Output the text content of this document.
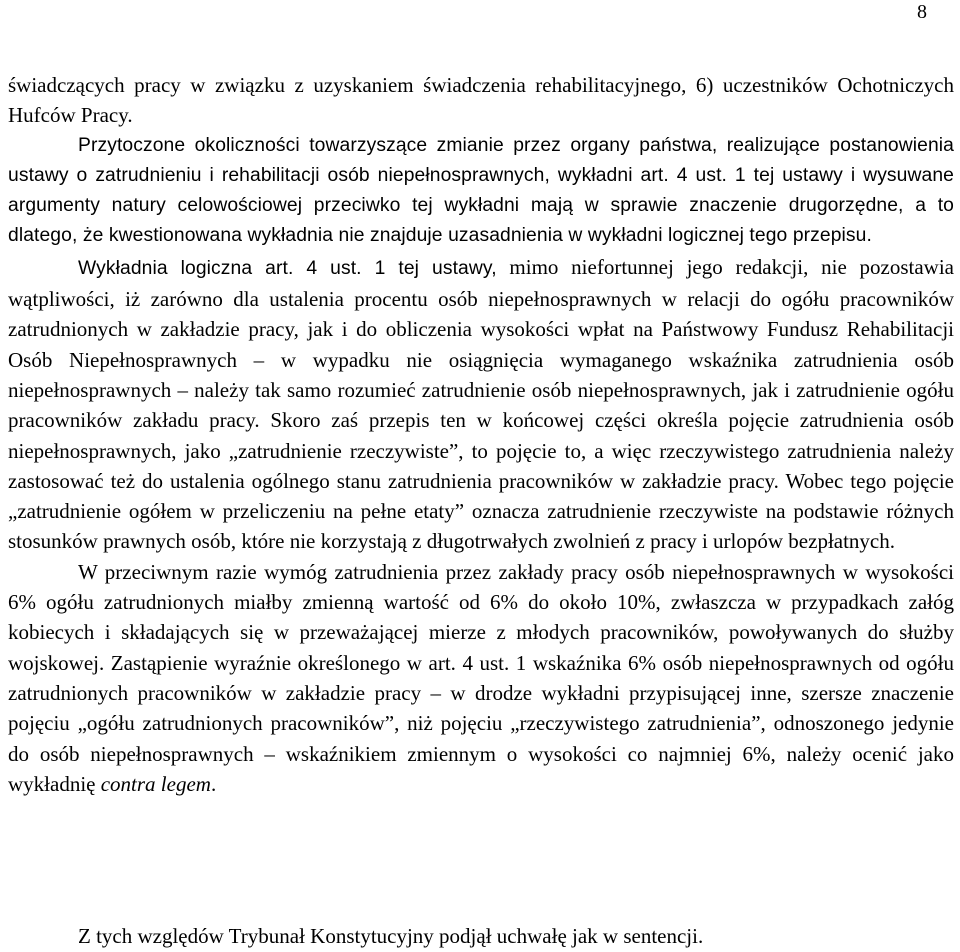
8

świadczących pracy w związku z uzyskaniem świadczenia rehabilitacyjnego, 6) uczestników Ochotniczych Hufców Pracy.

Przytoczone okoliczności towarzyszące zmianie przez organy państwa, realizujące postanowienia ustawy o zatrudnieniu i rehabilitacji osób niepełnosprawnych, wykładni art. 4 ust. 1 tej ustawy i wysuwane argumenty natury celowościowej przeciwko tej wykładni mają w sprawie znaczenie drugorzędne, a to dlatego, że kwestionowana wykładnia nie znajduje uzasadnienia w wykładni logicznej tego przepisu.

Wykładnia logiczna art. 4 ust. 1 tej ustawy, mimo niefortunnej jego redakcji, nie pozostawia wątpliwości, iż zarówno dla ustalenia procentu osób niepełnosprawnych w relacji do ogółu pracowników zatrudnionych w zakładzie pracy, jak i do obliczenia wysokości wpłat na Państwowy Fundusz Rehabilitacji Osób Niepełnosprawnych – w wypadku nie osiągnięcia wymaganego wskaźnika zatrudnienia osób niepełnosprawnych – należy tak samo rozumieć zatrudnienie osób niepełnosprawnych, jak i zatrudnienie ogółu pracowników zakładu pracy. Skoro zaś przepis ten w końcowej części określa pojęcie zatrudnienia osób niepełnosprawnych, jako „zatrudnienie rzeczywiste”, to pojęcie to, a więc rzeczywistego zatrudnienia należy zastosować też do ustalenia ogólnego stanu zatrudnienia pracowników w zakładzie pracy. Wobec tego pojęcie „zatrudnienie ogółem w przeliczeniu na pełne etaty” oznacza zatrudnienie rzeczywiste na podstawie różnych stosunków prawnych osób, które nie korzystają z długotrwałych zwolnień z pracy i urlopów bezpłatnych.

W przeciwnym razie wymóg zatrudnienia przez zakłady pracy osób niepełnosprawnych w wysokości 6% ogółu zatrudnionych miałby zmienną wartość od 6% do około 10%, zwłaszcza w przypadkach załóg kobiecych i składających się w przeważającej mierze z młodych pracowników, powoływanych do służby wojskowej. Zastąpienie wyraźnie określonego w art. 4 ust. 1 wskaźnika 6% osób niepełnosprawnych od ogółu zatrudnionych pracowników w zakładzie pracy – w drodze wykładni przypisującej inne, szersze znaczenie pojęciu „ogółu zatrudnionych pracowników”, niż pojęciu „rzeczywistego zatrudnienia”, odnoszonego jedynie do osób niepełnosprawnych – wskaźnikiem zmiennym o wysokości co najmniej 6%, należy ocenić jako wykładnię contra legem.

Z tych względów Trybunał Konstytucyjny podjął uchwałę jak w sentencji.
